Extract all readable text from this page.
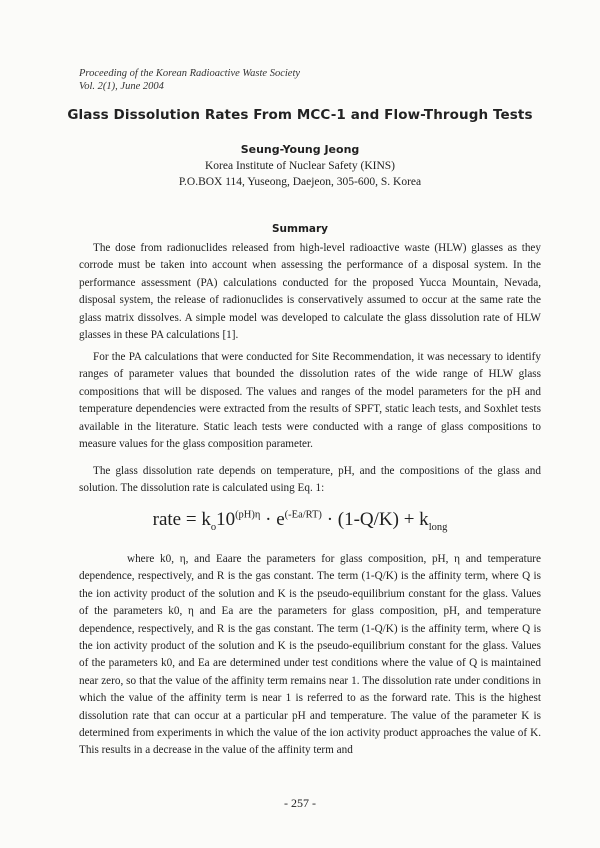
Proceeding of the Korean Radioactive Waste Society
Vol. 2(1), June 2004
Glass Dissolution Rates From MCC-1 and Flow-Through Tests
Seung-Young Jeong
Korea Institute of Nuclear Safety (KINS)
P.O.BOX 114, Yuseong, Daejeon, 305-600, S. Korea
Summary
The dose from radionuclides released from high-level radioactive waste (HLW) glasses as they corrode must be taken into account when assessing the performance of a disposal system. In the performance assessment (PA) calculations conducted for the proposed Yucca Mountain, Nevada, disposal system, the release of radionuclides is conservatively assumed to occur at the same rate the glass matrix dissolves. A simple model was developed to calculate the glass dissolution rate of HLW glasses in these PA calculations [1].
For the PA calculations that were conducted for Site Recommendation, it was necessary to identify ranges of parameter values that bounded the dissolution rates of the wide range of HLW glass compositions that will be disposed. The values and ranges of the model parameters for the pH and temperature dependencies were extracted from the results of SPFT, static leach tests, and Soxhlet tests available in the literature. Static leach tests were conducted with a range of glass compositions to measure values for the glass composition parameter.
The glass dissolution rate depends on temperature, pH, and the compositions of the glass and solution. The dissolution rate is calculated using Eq. 1:
rate = $k_o10^{(pH)\eta} \cdot e^{(-Ea/RT)} \cdot (1-Q/K) + k_{long}$
where k0, η, and Eaare the parameters for glass composition, pH, η and temperature dependence, respectively, and R is the gas constant. The term (1-Q/K) is the affinity term, where Q is the ion activity product of the solution and K is the pseudo-equilibrium constant for the glass. Values of the parameters k0, η and Ea are the parameters for glass composition, pH, and temperature dependence, respectively, and R is the gas constant. The term (1-Q/K) is the affinity term, where Q is the ion activity product of the solution and K is the pseudo-equilibrium constant for the glass. Values of the parameters k0, and Ea are determined under test conditions where the value of Q is maintained near zero, so that the value of the affinity term remains near 1. The dissolution rate under conditions in which the value of the affinity term is near 1 is referred to as the forward rate. This is the highest dissolution rate that can occur at a particular pH and temperature. The value of the parameter K is determined from experiments in which the value of the ion activity product approaches the value of K. This results in a decrease in the value of the affinity term and
- 257 -
